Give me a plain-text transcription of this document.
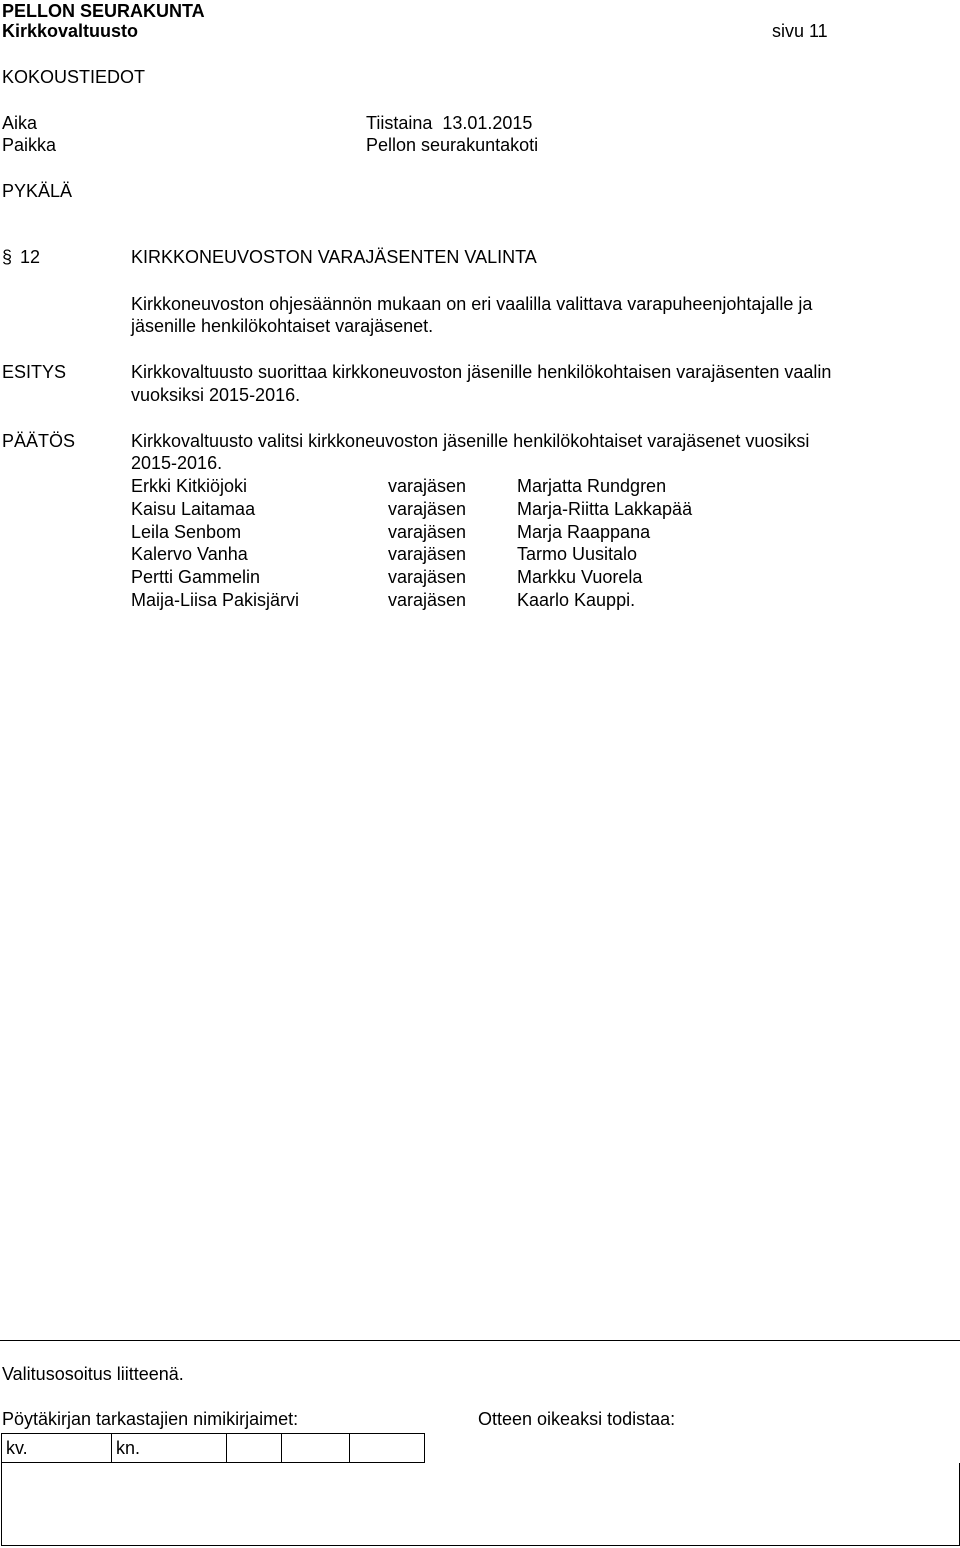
PELLON SEURAKUNTA
Kirkkovaltuusto	sivu 11
KOKOUSTIEDOT
Aika	Tiistaina  13.01.2015
Paikka	Pellon seurakuntakoti
PYKÄLÄ
§ 12	KIRKKONEUVOSTON VARAJÄSENTEN VALINTA
Kirkkoneuvoston ohjesäännön mukaan on eri vaalilla valittava varapuheenjohtajalle ja
jäsenille henkilökohtaiset varajäsenet.
ESITYS	Kirkkovaltuusto suorittaa kirkkoneuvoston jäsenille henkilökohtaisen varajäsenten vaalin
vuoksiksi 2015-2016.
PÄÄTÖS	Kirkkovaltuusto valitsi kirkkoneuvoston jäsenille henkilökohtaiset varajäsenet vuosiksi
2015-2016.
Erkki Kitkiöjoki	varajäsen	Marjatta Rundgren
Kaisu Laitamaa	varajäsen	Marja-Riitta Lakkapää
Leila Senbom	varajäsen	Marja Raappana
Kalervo Vanha	varajäsen	Tarmo Uusitalo
Pertti Gammelin	varajäsen	Markku Vuorela
Maija-Liisa Pakisjärvi	varajäsen	Kaarlo Kauppi.
Valitusosoitus liitteenä.
Pöytäkirjan tarkastajien nimikirjaimet:	Otteen oikeaksi todistaa:
kv.	kn.			
